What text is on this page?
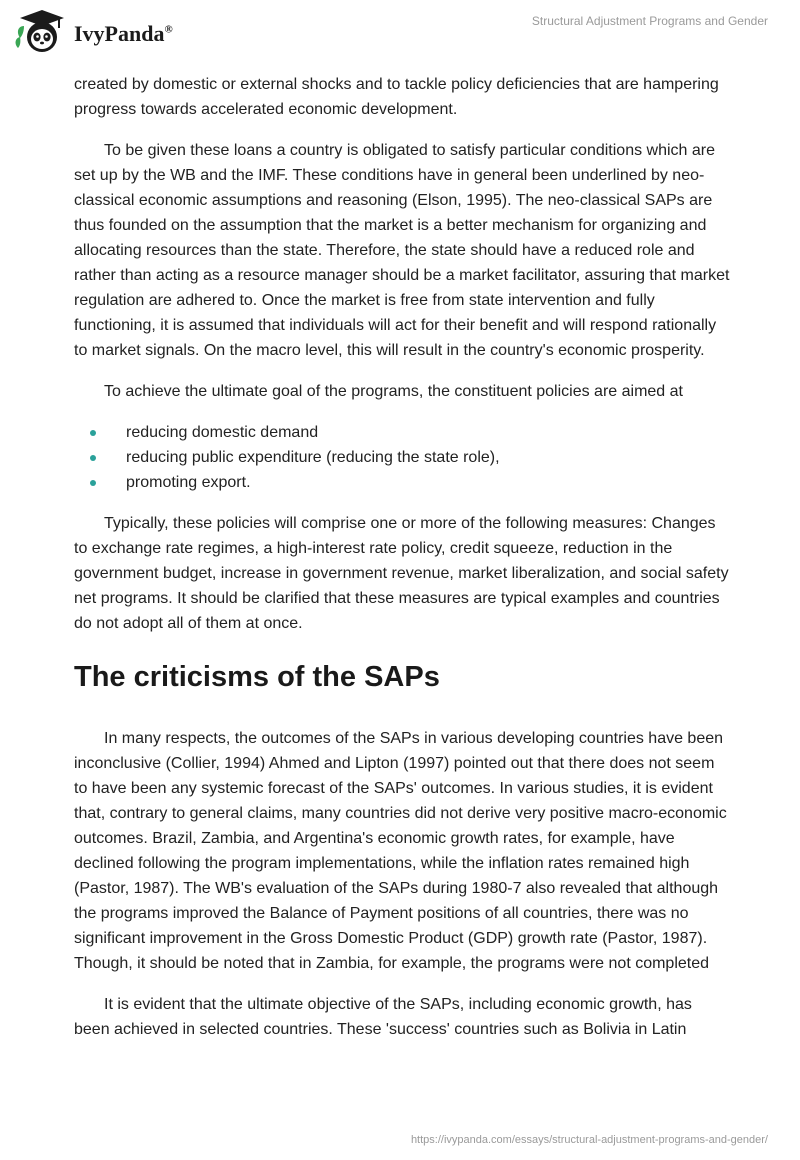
IvyPanda®
Structural Adjustment Programs and Gender

created by domestic or external shocks and to tackle policy deficiencies that are hampering progress towards accelerated economic development.

To be given these loans a country is obligated to satisfy particular conditions which are set up by the WB and the IMF. These conditions have in general been underlined by neo-classical economic assumptions and reasoning (Elson, 1995). The neo-classical SAPs are thus founded on the assumption that the market is a better mechanism for organizing and allocating resources than the state. Therefore, the state should have a reduced role and rather than acting as a resource manager should be a market facilitator, assuring that market regulation are adhered to. Once the market is free from state intervention and fully functioning, it is assumed that individuals will act for their benefit and will respond rationally to market signals. On the macro level, this will result in the country's economic prosperity.

To achieve the ultimate goal of the programs, the constituent policies are aimed at

reducing domestic demand
reducing public expenditure (reducing the state role),
promoting export.

Typically, these policies will comprise one or more of the following measures: Changes to exchange rate regimes, a high-interest rate policy, credit squeeze, reduction in the government budget, increase in government revenue, market liberalization, and social safety net programs. It should be clarified that these measures are typical examples and countries do not adopt all of them at once.

The criticisms of the SAPs

In many respects, the outcomes of the SAPs in various developing countries have been inconclusive (Collier, 1994) Ahmed and Lipton (1997) pointed out that there does not seem to have been any systemic forecast of the SAPs' outcomes. In various studies, it is evident that, contrary to general claims, many countries did not derive very positive macro-economic outcomes. Brazil, Zambia, and Argentina's economic growth rates, for example, have declined following the program implementations, while the inflation rates remained high (Pastor, 1987). The WB's evaluation of the SAPs during 1980-7 also revealed that although the programs improved the Balance of Payment positions of all countries, there was no significant improvement in the Gross Domestic Product (GDP) growth rate (Pastor, 1987). Though, it should be noted that in Zambia, for example, the programs were not completed

It is evident that the ultimate objective of the SAPs, including economic growth, has been achieved in selected countries. These 'success' countries such as Bolivia in Latin

https://ivypanda.com/essays/structural-adjustment-programs-and-gender/
